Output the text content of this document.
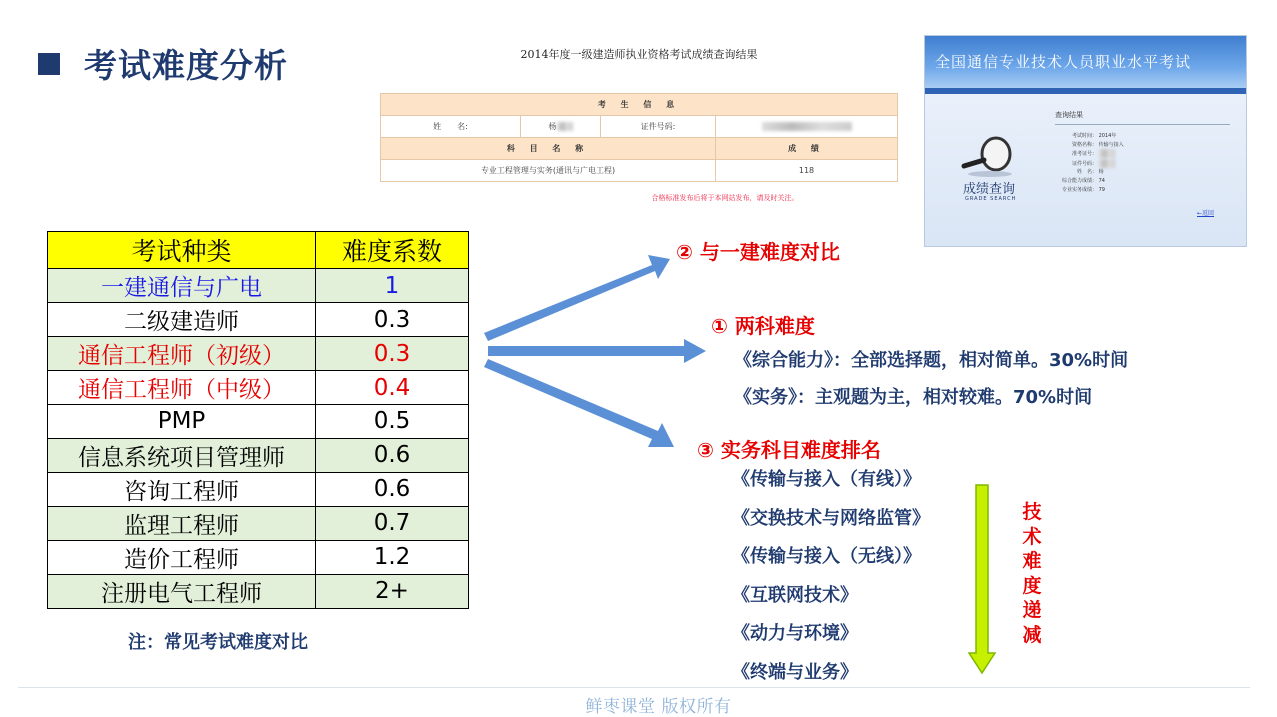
考试难度分析	2014年度一级建造师执业资格考试成绩查询结果
考 生 信 息			
姓　　名:	杨	证件号码:	
科 目 名 称			成 绩
专业工程管理与实务(通讯与广电工程)			118
合格标准发布后将于本网站发布，请及时关注。
全国通信专业技术人员职业水平考试
成绩查询
GRADE SEARCH
查询结果
考试时间： 2014年
资格名称： 传输与接入
准考证号：
证件号码：
姓　名： 杨
综合能力成绩： 74
专业实务成绩： 79
←返回
考试种类	难度系数
一建通信与广电	1
二级建造师	0.3
通信工程师（初级）	0.3
通信工程师（中级）	0.4
PMP	0.5
信息系统项目管理师	0.6
咨询工程师	0.6
监理工程师	0.7
造价工程师	1.2
注册电气工程师	2+
注：常见考试难度对比
② 与一建难度对比
① 两科难度
《综合能力》：全部选择题，相对简单。30%时间
《实务》：主观题为主，相对较难。70%时间
③ 实务科目难度排名
《传输与接入（有线）》
《交换技术与网络监管》
《传输与接入（无线）》
《互联网技术》
《动力与环境》
《终端与业务》
技
术
难
度
递
减
鲜枣课堂 版权所有
